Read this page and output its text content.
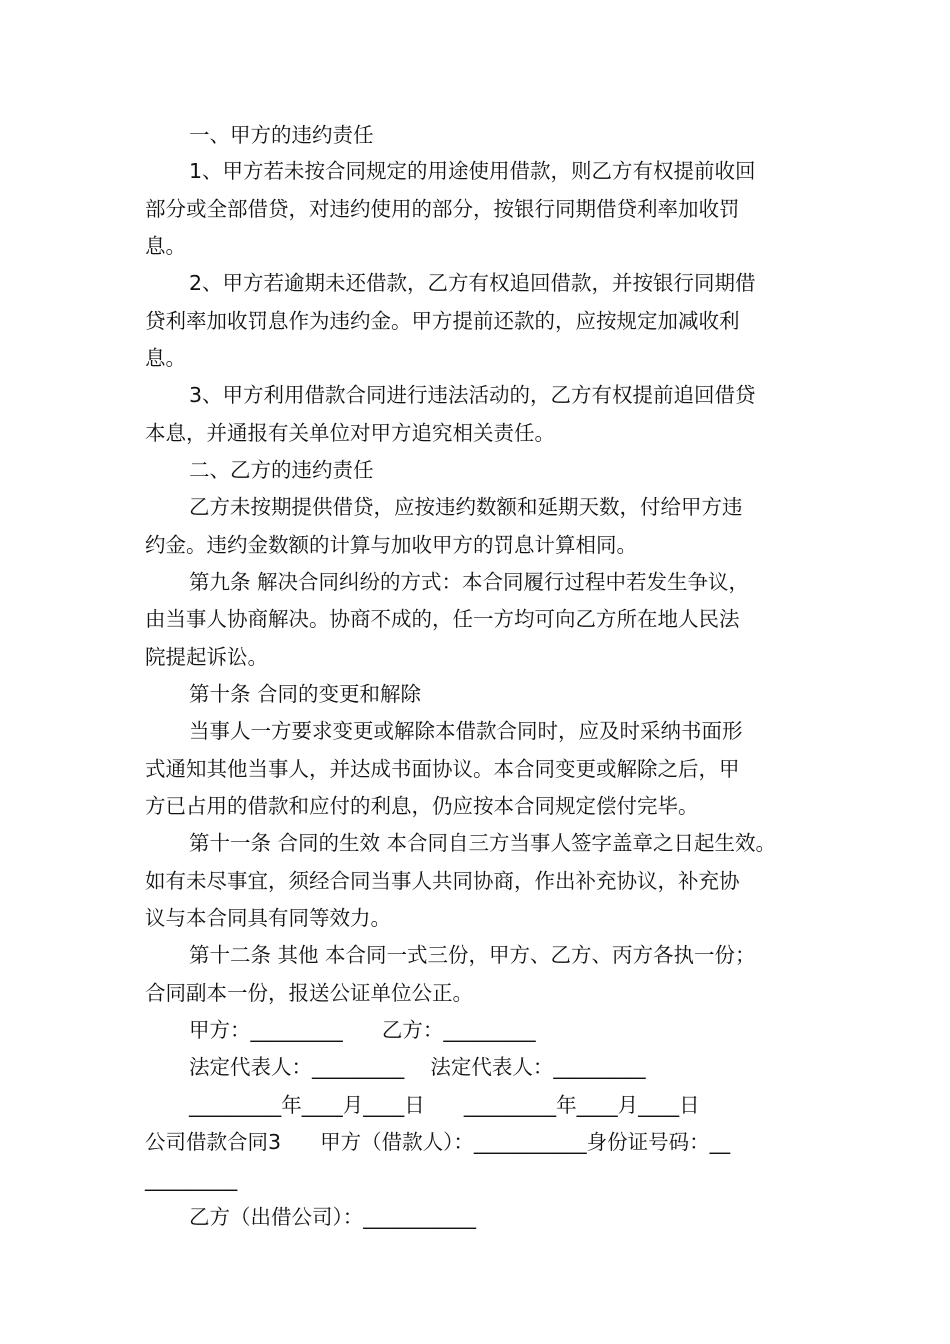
一、甲方的违约责任
1、甲方若未按合同规定的用途使用借款，则乙方有权提前收回
部分或全部借贷，对违约使用的部分，按银行同期借贷利率加收罚
息。
2、甲方若逾期未还借款，乙方有权追回借款，并按银行同期借
贷利率加收罚息作为违约金。甲方提前还款的，应按规定加减收利
息。
3、甲方利用借款合同进行违法活动的，乙方有权提前追回借贷
本息，并通报有关单位对甲方追究相关责任。
二、乙方的违约责任
乙方未按期提供借贷，应按违约数额和延期天数，付给甲方违
约金。违约金数额的计算与加收甲方的罚息计算相同。
第九条 解决合同纠纷的方式：本合同履行过程中若发生争议，
由当事人协商解决。协商不成的，任一方均可向乙方所在地人民法
院提起诉讼。
第十条 合同的变更和解除
当事人一方要求变更或解除本借款合同时，应及时采纳书面形
式通知其他当事人，并达成书面协议。本合同变更或解除之后，甲
方已占用的借款和应付的利息，仍应按本合同规定偿付完毕。
第十一条 合同的生效 本合同自三方当事人签字盖章之日起生效。
如有未尽事宜，须经合同当事人共同协商，作出补充协议，补充协
议与本合同具有同等效力。
第十二条 其他 本合同一式三份，甲方、乙方、丙方各执一份；
合同副本一份，报送公证单位公正。
甲方：_________      乙方：_________
法定代表人：_________    法定代表人：_________
_________年____月____日      _________年____月____日
公司借款合同3      甲方（借款人）：___________身份证号码：__
_________
乙方（出借公司）：___________
